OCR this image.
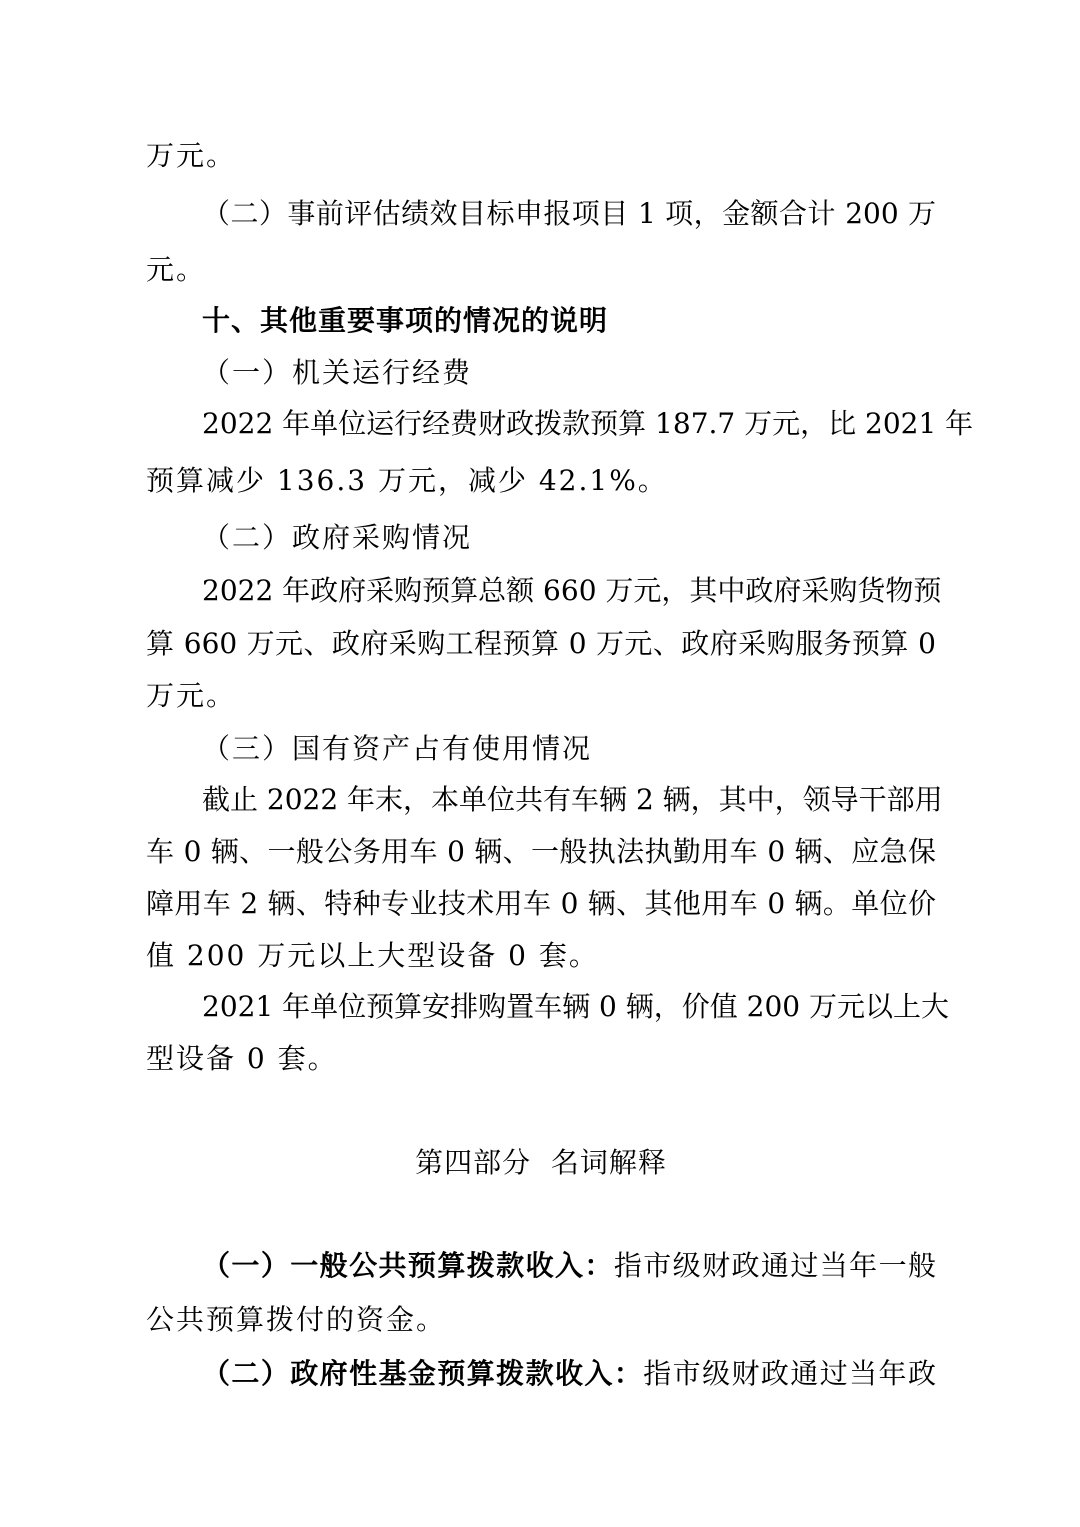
万元。
（二）事前评估绩效目标申报项目 1 项，金额合计 200 万
元。
十、其他重要事项的情况的说明
（一）机关运行经费
2022 年单位运行经费财政拨款预算 187.7 万元，比 2021 年
预算减少 136.3 万元，减少 42.1%。
（二）政府采购情况
2022 年政府采购预算总额 660 万元，其中政府采购货物预
算 660 万元、政府采购工程预算 0 万元、政府采购服务预算 0
万元。
（三）国有资产占有使用情况
截止 2022 年末，本单位共有车辆 2 辆，其中，领导干部用
车 0 辆、一般公务用车 0 辆、一般执法执勤用车 0 辆、应急保
障用车 2 辆、特种专业技术用车 0 辆、其他用车 0 辆。单位价
值 200 万元以上大型设备 0 套。
2021 年单位预算安排购置车辆 0 辆，价值 200 万元以上大
型设备 0 套。
第四部分  名词解释
（一）一般公共预算拨款收入：指市级财政通过当年一般
公共预算拨付的资金。
（二）政府性基金预算拨款收入：指市级财政通过当年政
